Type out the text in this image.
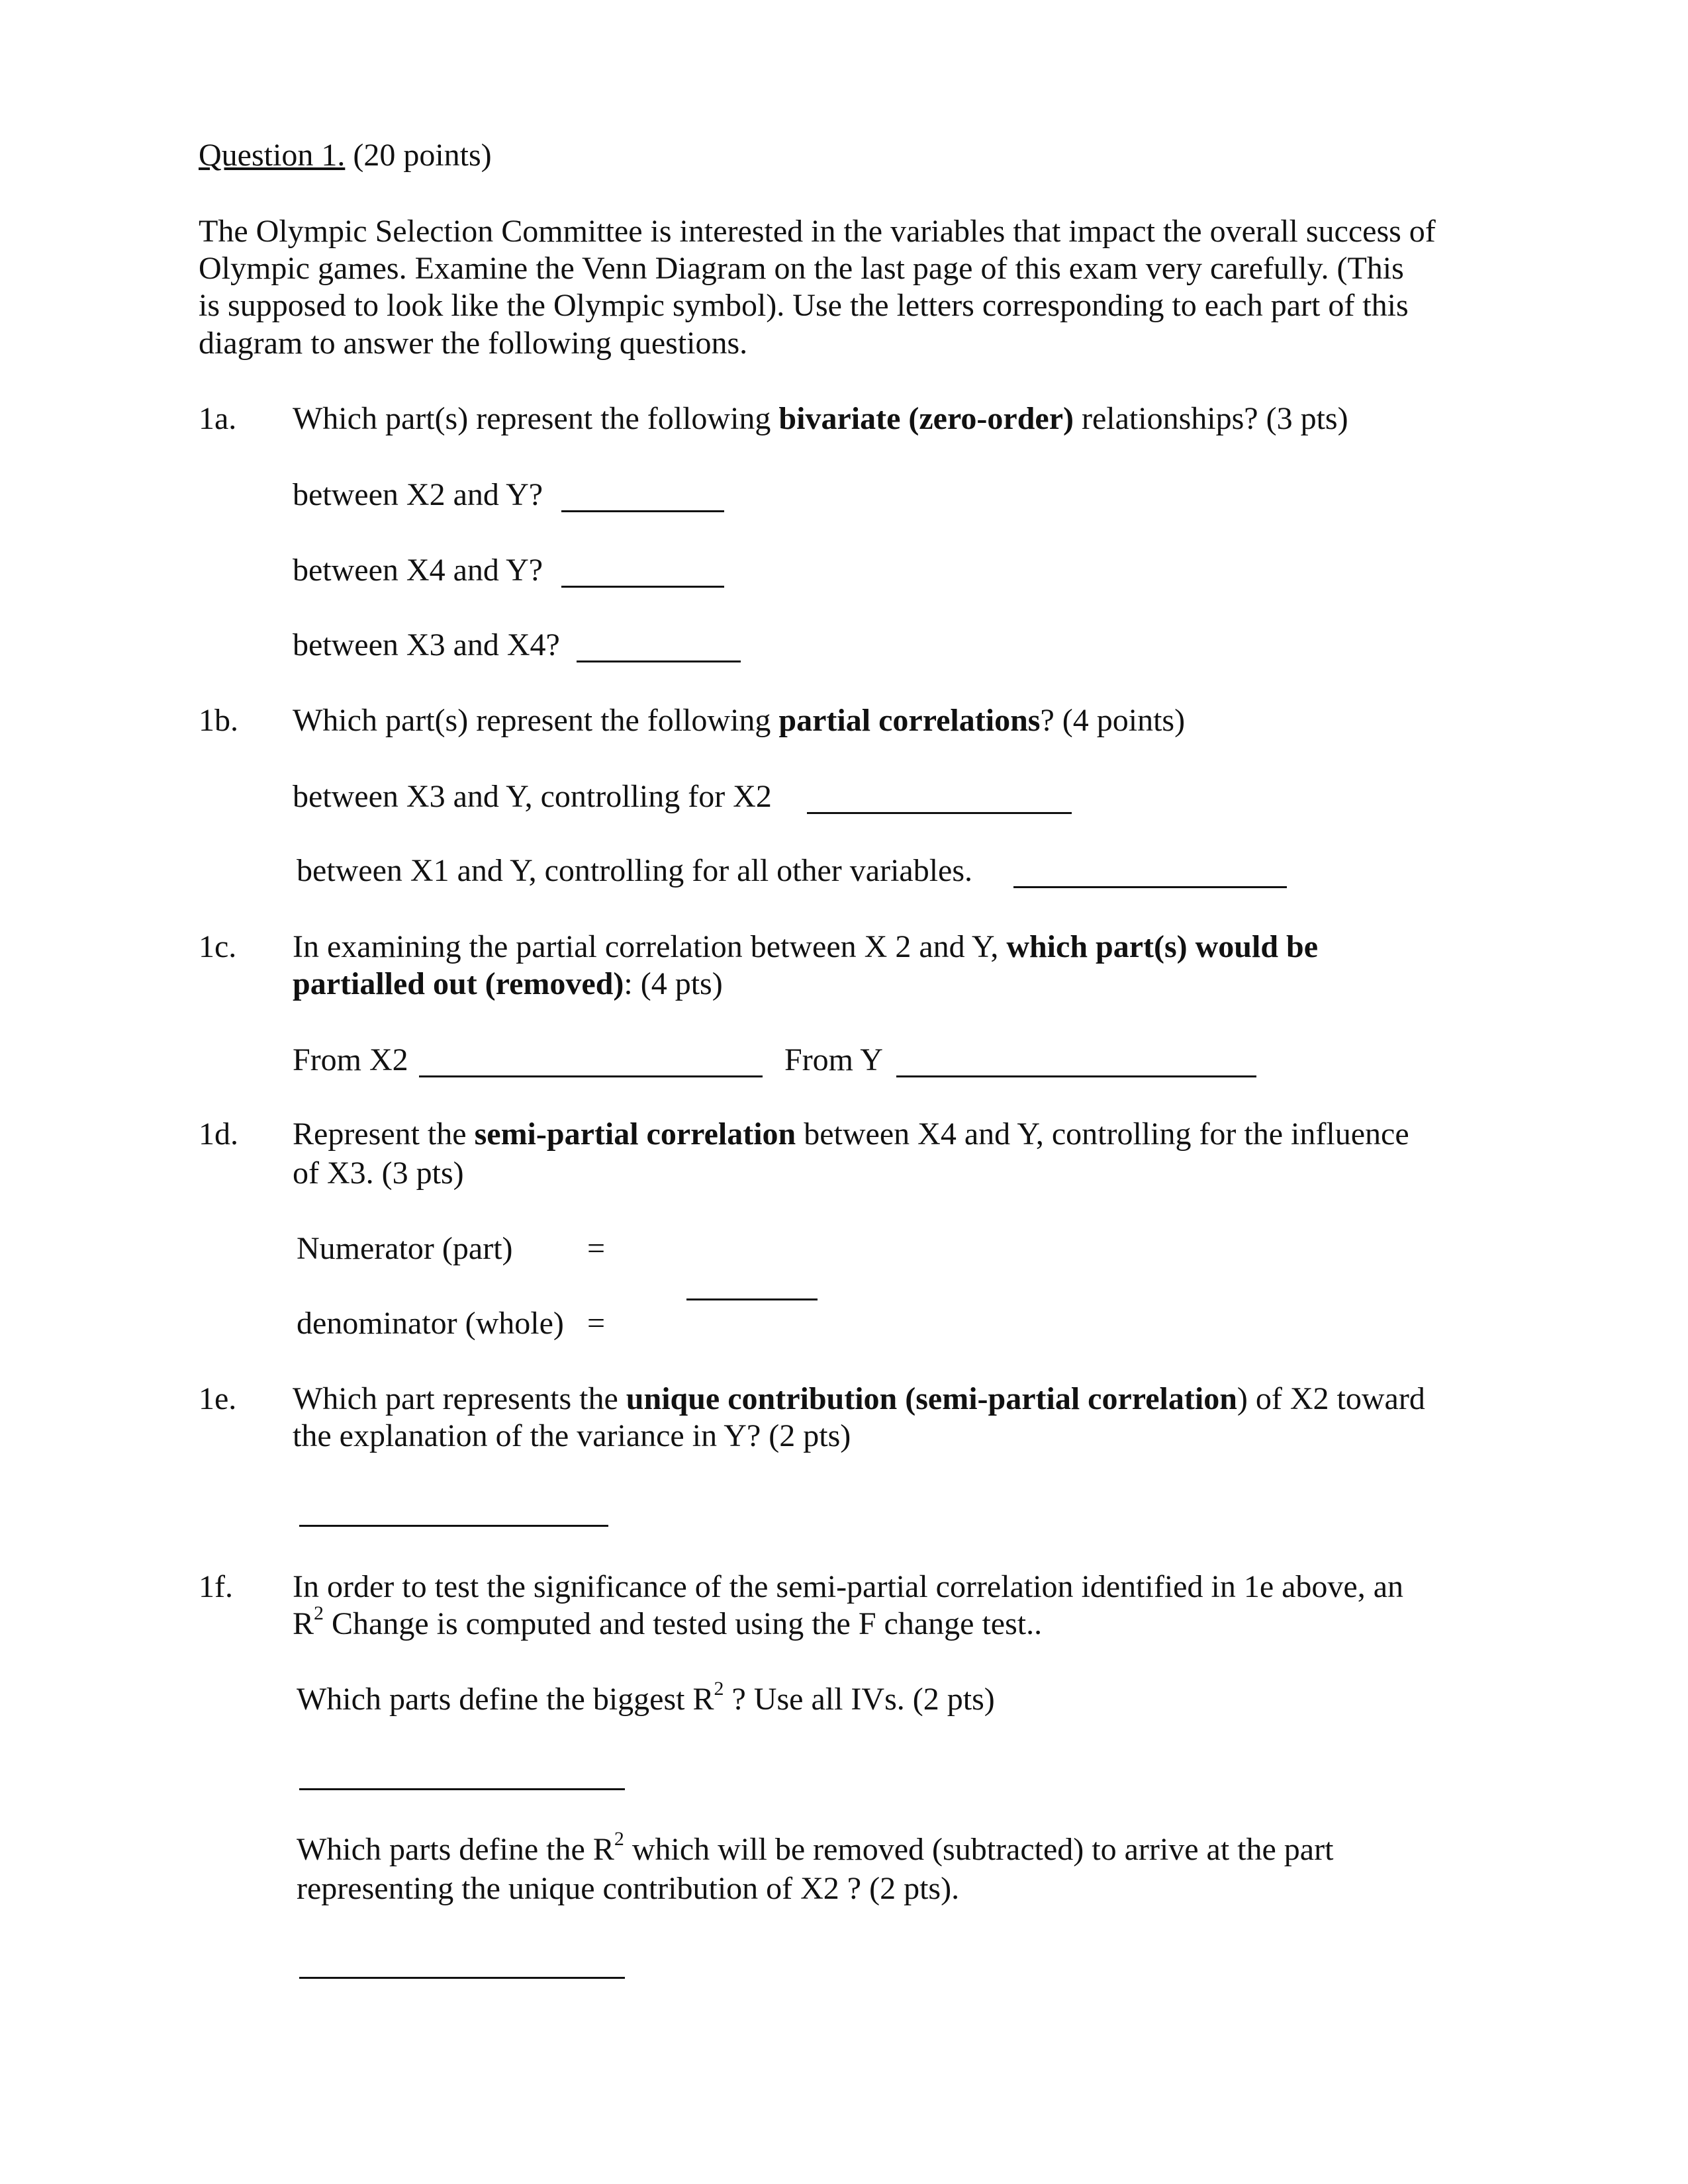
Question 1. (20 points)
The Olympic Selection Committee is interested in the variables that impact the overall success of
Olympic games. Examine the Venn Diagram on the last page of this exam very carefully. (This
is supposed to look like the Olympic symbol). Use the letters corresponding to each part of this
diagram to answer the following questions.
1a. Which part(s) represent the following bivariate (zero-order) relationships? (3 pts)
between X2 and Y?
between X4 and Y?
between X3 and X4?
1b. Which part(s) represent the following partial correlations? (4 points)
between X3 and Y, controlling for X2
between X1 and Y, controlling for all other variables.
1c. In examining the partial correlation between X 2 and Y, which part(s) would be
partialled out (removed): (4 pts)
From X2	From Y
1d. Represent the semi-partial correlation between X4 and Y, controlling for the influence
of X3. (3 pts)
Numerator (part) =
denominator (whole) =
1e. Which part represents the unique contribution (semi-partial correlation) of X2 toward
the explanation of the variance in Y? (2 pts)
1f. In order to test the significance of the semi-partial correlation identified in 1e above, an
$R^2$ Change is computed and tested using the F change test..
Which parts define the biggest $R^2$ ? Use all IVs. (2 pts)
Which parts define the $R^2$ which will be removed (subtracted) to arrive at the part
representing the unique contribution of X2 ? (2 pts).
